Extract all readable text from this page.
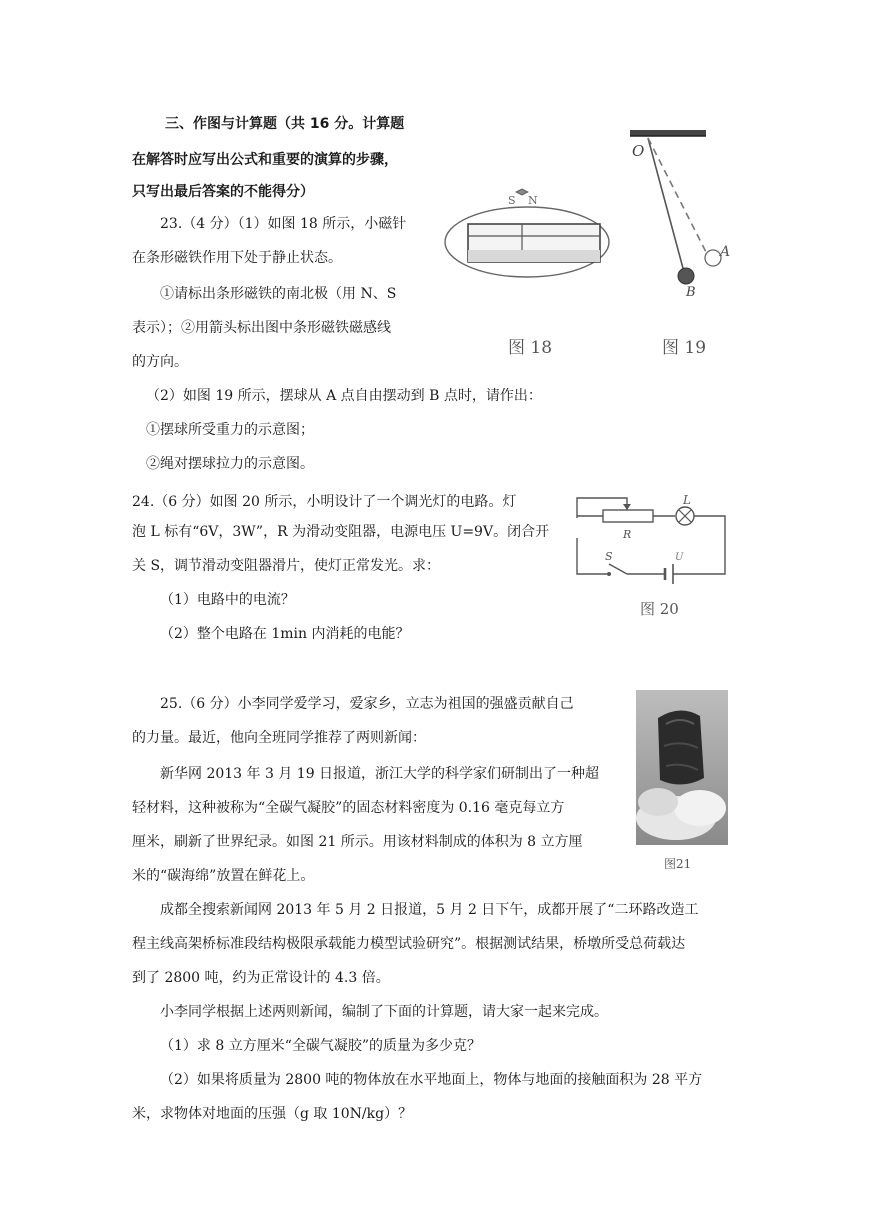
三、作图与计算题（共 16 分。计算题
在解答时应写出公式和重要的演算的步骤，
只写出最后答案的不能得分）
23.（4 分）（1）如图 18 所示，小磁针
在条形磁铁作用下处于静止状态。
①请标出条形磁铁的南北极（用 N、S
表示）；②用箭头标出图中条形磁铁磁感线
的方向。
（2）如图 19 所示，摆球从 A 点自由摆动到 B 点时，请作出：
①摆球所受重力的示意图；
②绳对摆球拉力的示意图。
S N
图 18
O
A
B
图 19
24.（6 分）如图 20 所示，小明设计了一个调光灯的电路。灯
泡 L 标有“6V，3W”，R 为滑动变阻器，电源电压 U=9V。闭合开
关 S，调节滑动变阻器滑片，使灯正常发光。求：
（1）电路中的电流？
（2）整个电路在 1min 内消耗的电能？
L
R
S	U
图 20
25.（6 分）小李同学爱学习，爱家乡，立志为祖国的强盛贡献自己
的力量。最近，他向全班同学推荐了两则新闻：
新华网 2013 年 3 月 19 日报道，浙江大学的科学家们研制出了一种超
轻材料，这种被称为“全碳气凝胶”的固态材料密度为 0.16 毫克每立方
厘米，刷新了世界纪录。如图 21 所示。用该材料制成的体积为 8 立方厘
米的“碳海绵”放置在鲜花上。
成都全搜索新闻网 2013 年 5 月 2 日报道，5 月 2 日下午，成都开展了“二环路改造工
程主线高架桥标准段结构极限承载能力模型试验研究”。根据测试结果，桥墩所受总荷载达
到了 2800 吨，约为正常设计的 4.3 倍。
小李同学根据上述两则新闻，编制了下面的计算题，请大家一起来完成。
（1）求 8 立方厘米“全碳气凝胶”的质量为多少克？
（2）如果将质量为 2800 吨的物体放在水平地面上，物体与地面的接触面积为 28 平方
米，求物体对地面的压强（g 取 10N/kg）？
图21
